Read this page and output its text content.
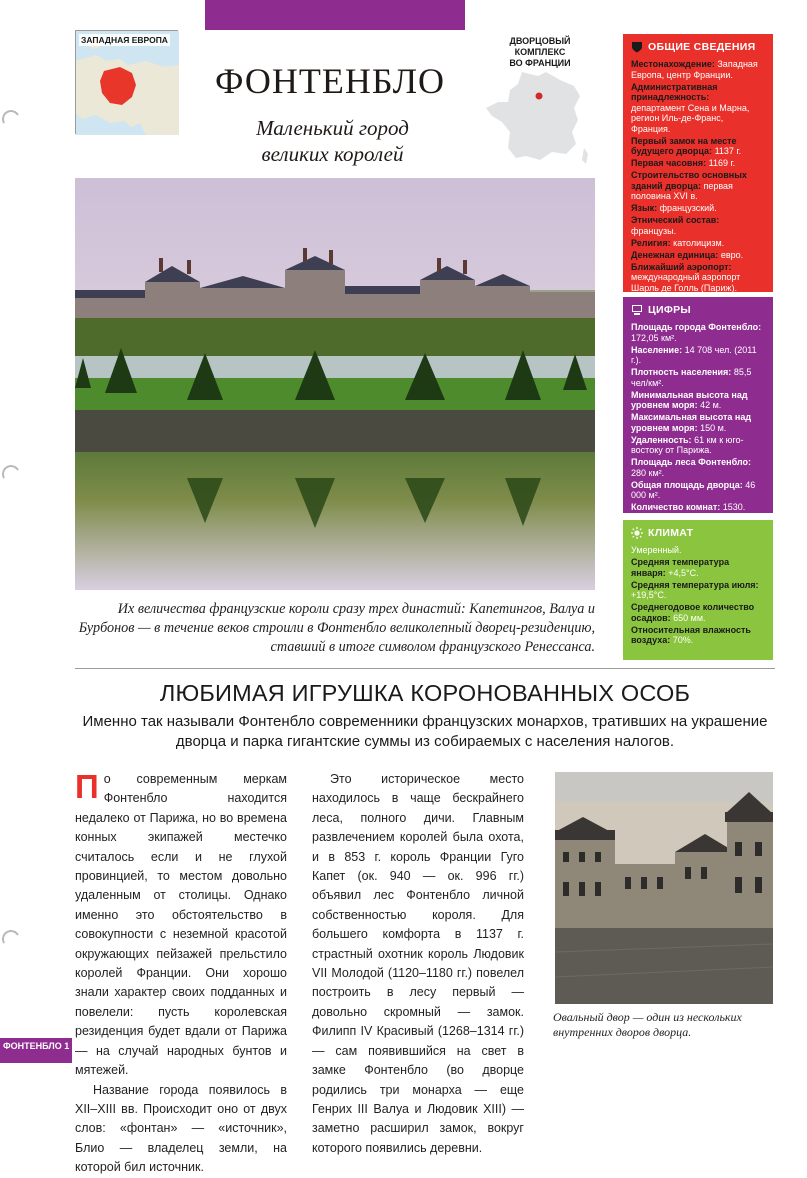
ЗАПАДНАЯ ЕВРОПА
ФОНТЕНБЛО
Маленький город
великих королей
ДВОРЦОВЫЙ
КОМПЛЕКС
ВО ФРАНЦИИ
Их величества французские короли сразу трех династий: Капетингов, Валуа и Бурбонов — в течение веков строили в Фонтенбло великолепный дворец-резиденцию, ставший в итоге символом французского Ренессанса.
ОБЩИЕ СВЕДЕНИЯ
Местонахождение: Западная Европа, центр Франции.
Административная принадлежность: департамент Сена и Марна, регион Иль-де-Франс, Франция.
Первый замок на месте будущего дворца: 1137 г.
Первая часовня: 1169 г.
Строительство основных зданий дворца: первая половина XVI в.
Язык: французский.
Этнический состав: французы.
Религия: католицизм.
Денежная единица: евро.
Ближайший аэропорт: международный аэропорт Шарль де Голль (Париж).
ЦИФРЫ
Площадь города Фонтенбло: 172,05 км².
Население: 14 708 чел. (2011 г.).
Плотность населения: 85,5 чел/км².
Минимальная высота над уровнем моря: 42 м.
Максимальная высота над уровнем моря: 150 м.
Удаленность: 61 км к юго-востоку от Парижа.
Площадь леса Фонтенбло: 280 км².
Общая площадь дворца: 46 000 м².
Количество комнат: 1530.
КЛИМАТ
Умеренный.
Средняя температура января: +4,5°С.
Средняя температура июля: +19,5°С.
Среднегодовое количество осадков: 650 мм.
Относительная влажность воздуха: 70%.
ЛЮБИМАЯ ИГРУШКА КОРОНОВАННЫХ ОСОБ
Именно так называли Фонтенбло современники французских монархов, тративших на украшение дворца и парка гигантские суммы из собираемых с населения налогов.

По современным меркам Фонтенбло находится недалеко от Парижа, но во времена конных экипажей местечко считалось если и не глухой провинцией, то местом довольно удаленным от столицы. Однако именно это обстоятельство в совокупности с неземной красотой окружающих пейзажей прельстило королей Франции. Они хорошо знали характер своих подданных и повелели: пусть королевская резиденция будет вдали от Парижа — на случай народных бунтов и мятежей.

Название города появилось в XII–XIII вв. Происходит оно от двух слов: «фонтан» — «источник», Блио — владелец земли, на которой бил источник.

Это историческое место находилось в чаще бескрайнего леса, полного дичи. Главным развлечением королей была охота, и в 853 г. король Франции Гуго Капет (ок. 940 — ок. 996 гг.) объявил лес Фонтенбло личной собственностью короля. Для большего комфорта в 1137 г. страстный охотник король Людовик VII Молодой (1120–1180 гг.) повелел построить в лесу первый — довольно скромный — замок. Филипп IV Красивый (1268–1314 гг.) — сам появившийся на свет в замке Фонтенбло (во дворце родились три монарха — еще Генрих III Валуа и Людовик XIII) — заметно расширил замок, вокруг которого появились деревни.

Овальный двор — один из нескольких внутренних дворов дворца.
ФОНТЕНБЛО 1
